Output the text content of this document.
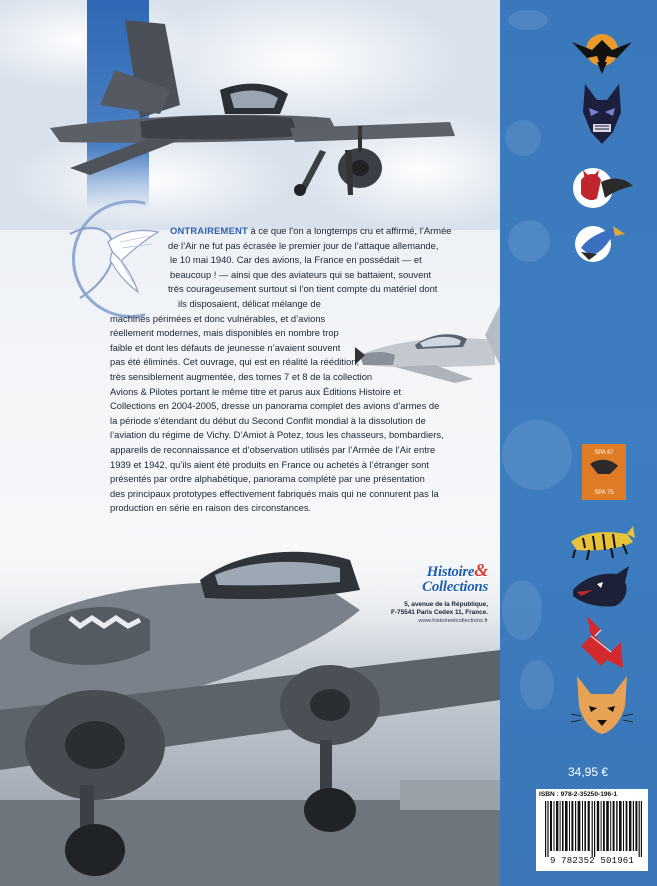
ONTRAIREMENT à ce que l’on a longtemps cru et affirmé, l’Armée
de l’Air ne fut pas écrasée le premier jour de l’attaque allemande,
le 10 mai 1940. Car des avions, la France en possédait — et
beaucoup ! — ainsi que des aviateurs qui se battaient, souvent
très courageusement surtout si l’on tient compte du matériel dont
ils disposaient, délicat mélange de
machines périmées et donc vulnérables, et d’avions
réellement modernes, mais disponibles en nombre trop
faible et dont les défauts de jeunesse n’avaient souvent
pas été éliminés. Cet ouvrage, qui est en réalité la réédition,
très sensiblement augmentée, des tomes 7 et 8 de la collection
Avions & Pilotes portant le même titre et parus aux Éditions Histoire et
Collections en 2004-2005, dresse un panorama complet des avions d’armes de
la période s’étendant du début du Second Conflit mondial à la dissolution de
l’aviation du régime de Vichy. D’Amiot à Potez, tous les chasseurs, bombardiers,
appareils de reconnaissance et d’observation utilisés par l’Armée de l’Air entre
1939 et 1942, qu’ils aient été produits en France ou achetés à l’étranger sont
présentés par ordre alphabétique, panorama complété par une présentation
des principaux prototypes effectivement fabriqués mais qui ne connurent pas la
production en série en raison des circonstances.
Histoire&
Collections
5, avenue de la République,
F-75541 Paris Cedex 11, France.
www.histoireetcollections.fr
SPA 67
SPA 75
34,95 €
ISBN : 978-2-35250-196-1
9 782352 501961
